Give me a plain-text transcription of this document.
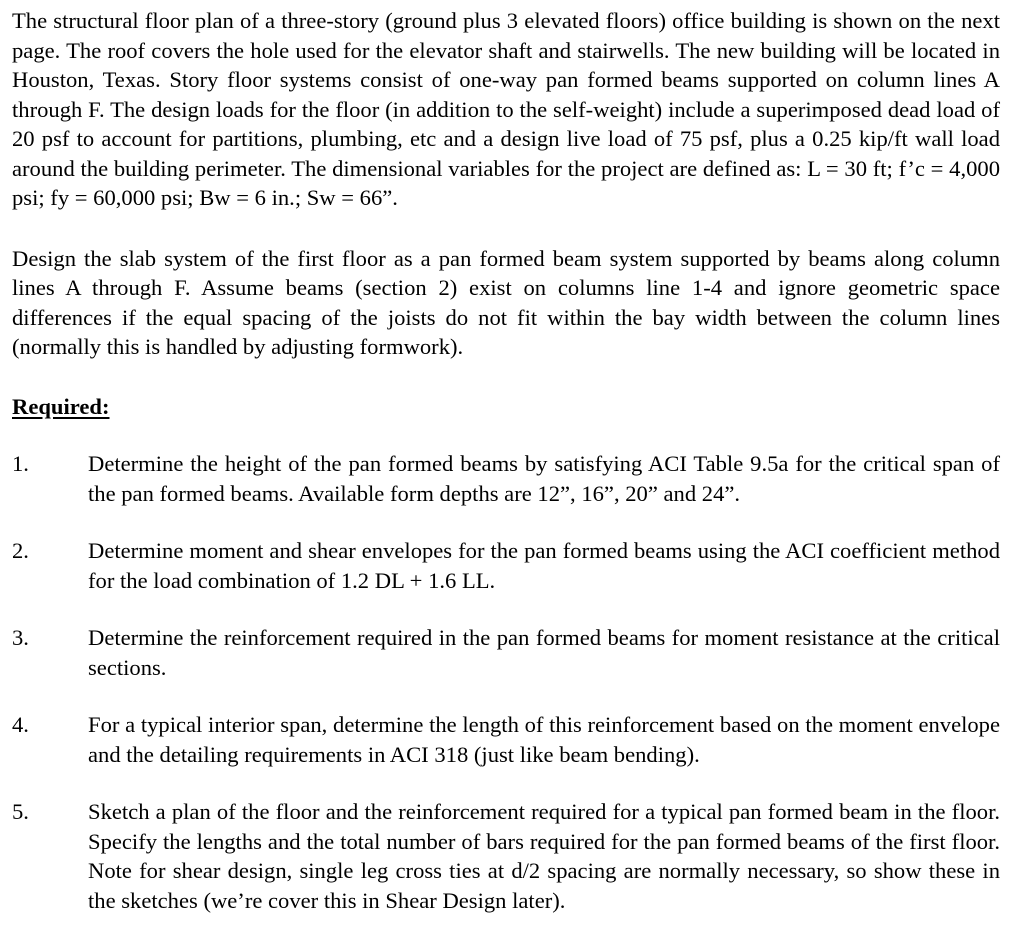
The structural floor plan of a three-story (ground plus 3 elevated floors) office building is shown on the next page. The roof covers the hole used for the elevator shaft and stairwells. The new building will be located in Houston, Texas. Story floor systems consist of one-way pan formed beams supported on column lines A through F. The design loads for the floor (in addition to the self-weight) include a superimposed dead load of 20 psf to account for partitions, plumbing, etc and a design live load of 75 psf, plus a 0.25 kip/ft wall load around the building perimeter. The dimensional variables for the project are defined as: L = 30 ft; f’c = 4,000 psi; fy = 60,000 psi; Bw = 6 in.; Sw = 66”.

Design the slab system of the first floor as a pan formed beam system supported by beams along column lines A through F. Assume beams (section 2) exist on columns line 1-4 and ignore geometric space differences if the equal spacing of the joists do not fit within the bay width between the column lines (normally this is handled by adjusting formwork).

Required:
1.	Determine the height of the pan formed beams by satisfying ACI Table 9.5a for the critical span of the pan formed beams. Available form depths are 12”, 16”, 20” and 24”.
2.	Determine moment and shear envelopes for the pan formed beams using the ACI coefficient method for the load combination of 1.2 DL + 1.6 LL.
3.	Determine the reinforcement required in the pan formed beams for moment resistance at the critical sections.
4.	For a typical interior span, determine the length of this reinforcement based on the moment envelope and the detailing requirements in ACI 318 (just like beam bending).
5.	Sketch a plan of the floor and the reinforcement required for a typical pan formed beam in the floor. Specify the lengths and the total number of bars required for the pan formed beams of the first floor. Note for shear design, single leg cross ties at d/2 spacing are normally necessary, so show these in the sketches (we’re cover this in Shear Design later).
